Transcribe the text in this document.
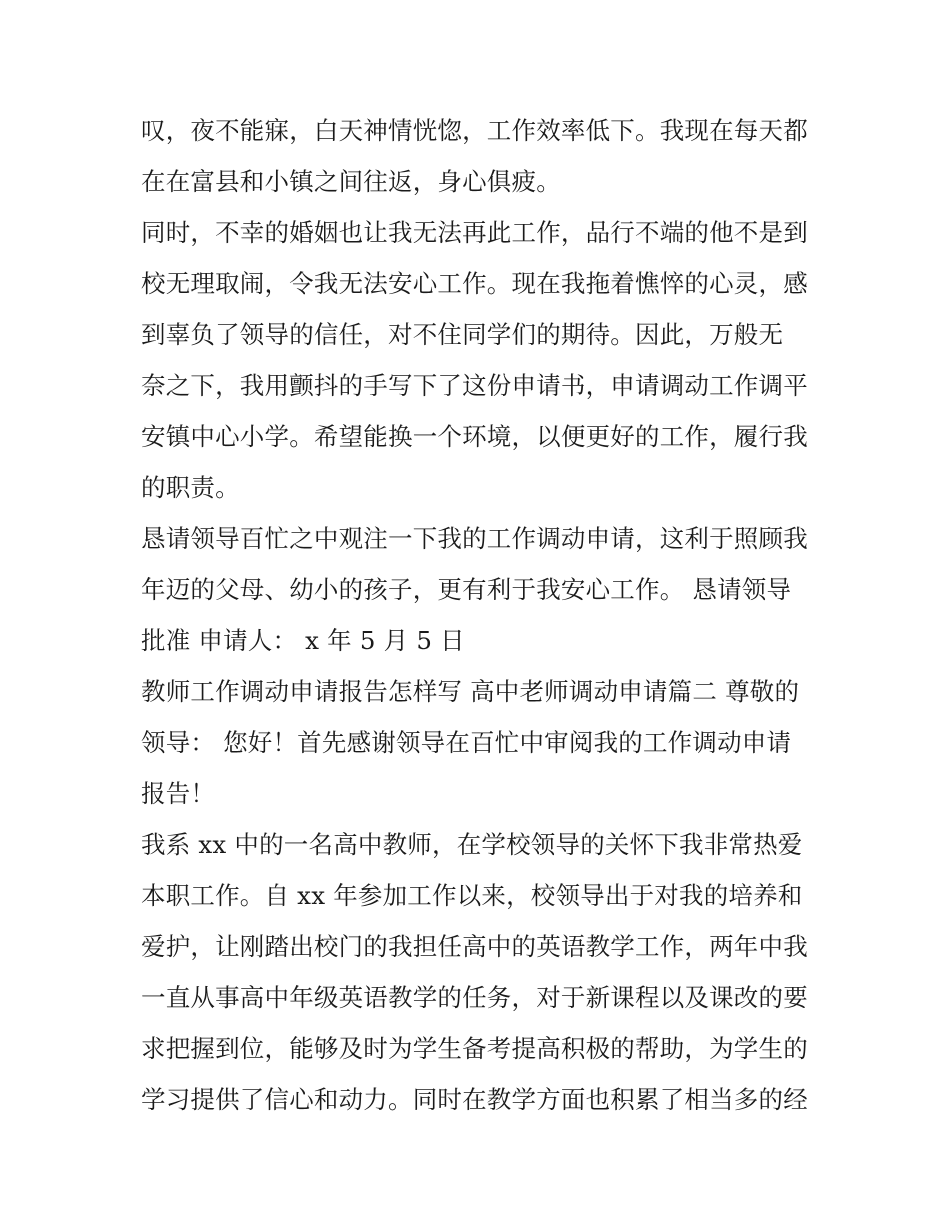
叹，夜不能寐，白天神情恍惚，工作效率低下。我现在每天都
在在富县和小镇之间往返，身心俱疲。
同时，不幸的婚姻也让我无法再此工作，品行不端的他不是到
校无理取闹，令我无法安心工作。现在我拖着憔悴的心灵，感
到辜负了领导的信任，对不住同学们的期待。因此，万般无
奈之下，我用颤抖的手写下了这份申请书，申请调动工作调平
安镇中心小学。希望能换一个环境，以便更好的工作，履行我
的职责。
恳请领导百忙之中观注一下我的工作调动申请，这利于照顾我
年迈的父母、幼小的孩子，更有利于我安心工作。 恳请领导
批准 申请人： x 年 5 月 5 日
教师工作调动申请报告怎样写 高中老师调动申请篇二 尊敬的
领导： 您好！首先感谢领导在百忙中审阅我的工作调动申请
报告！
我系 xx 中的一名高中教师，在学校领导的关怀下我非常热爱
本职工作。自 xx 年参加工作以来，校领导出于对我的培养和
爱护，让刚踏出校门的我担任高中的英语教学工作，两年中我
一直从事高中年级英语教学的任务，对于新课程以及课改的要
求把握到位，能够及时为学生备考提高积极的帮助，为学生的
学习提供了信心和动力。同时在教学方面也积累了相当多的经
